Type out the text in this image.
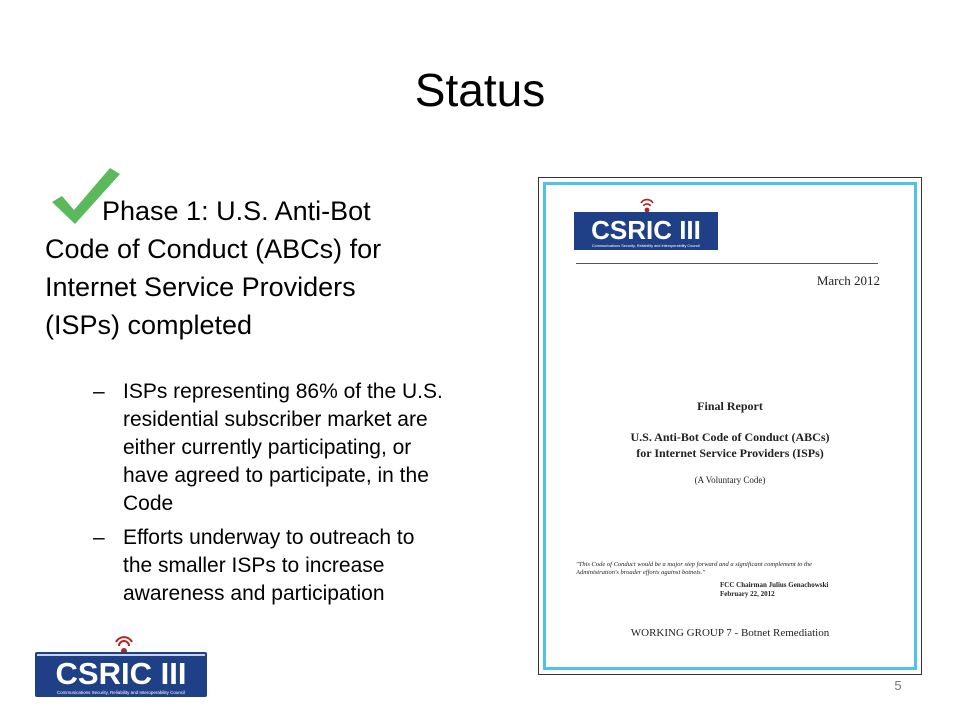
Status
Phase 1: U.S. Anti-Bot
Code of Conduct (ABCs) for
Internet Service Providers
(ISPs) completed
– ISPs representing 86% of the U.S.
residential subscriber market are
either currently participating, or
have agreed to participate, in the
Code
– Efforts underway to outreach to
the smaller ISPs to increase
awareness and participation
CSRIC III
Communications Security, Reliability and Interoperability Council
CSRIC III
Communications Security, Reliability and Interoperability Council
March 2012
Final Report
U.S. Anti-Bot Code of Conduct (ABCs)
for Internet Service Providers (ISPs)
(A Voluntary Code)
"This Code of Conduct would be a major step forward and a significant complement to the
Administration's broader efforts against botnets."
FCC Chairman Julius Genachowski
February 22, 2012
WORKING GROUP 7 - Botnet Remediation
5
